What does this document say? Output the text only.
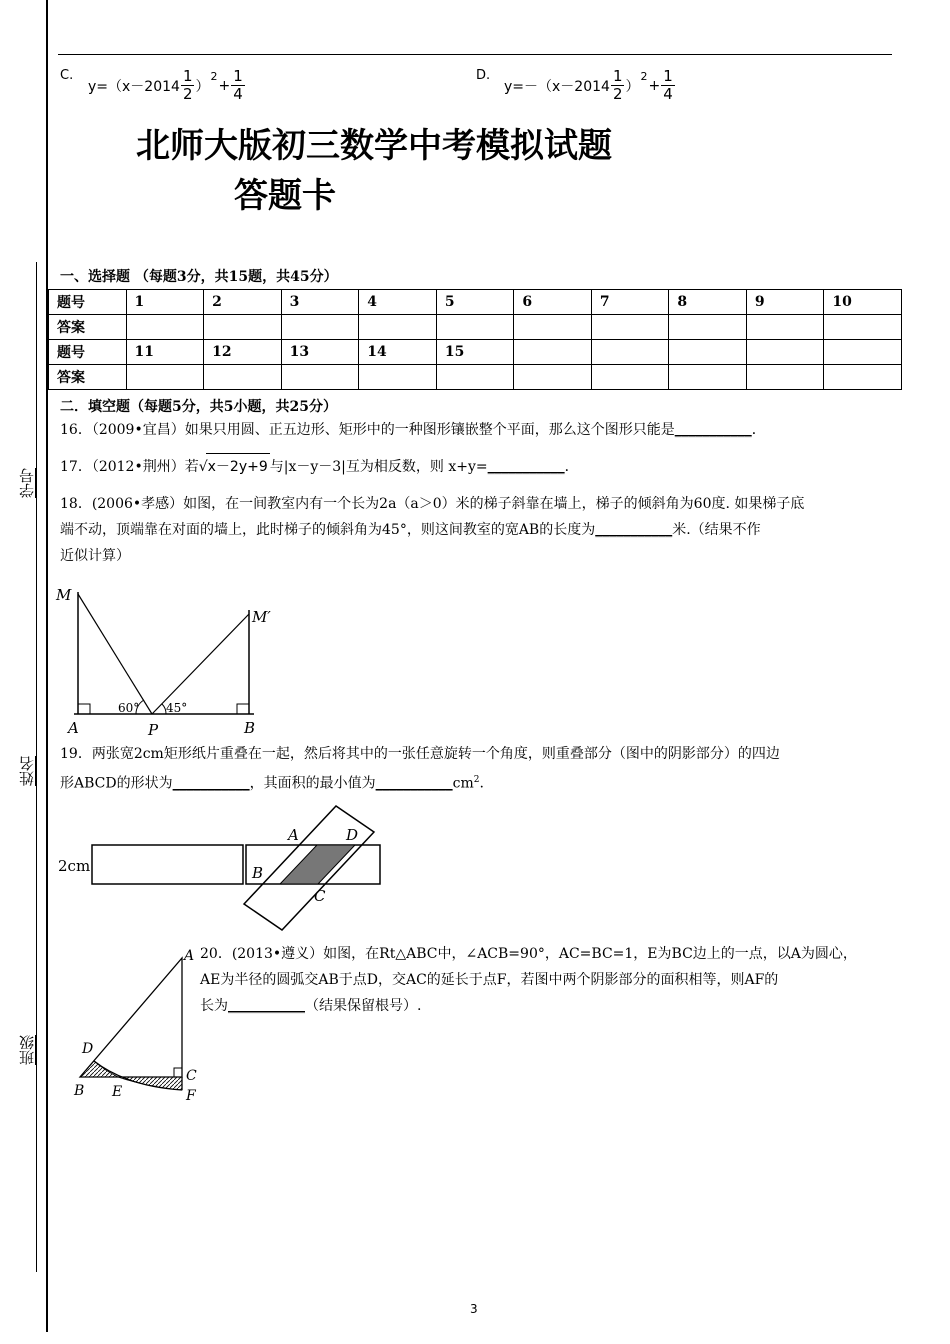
学号
姓名
班级
C.
$y=(x-2014 \frac{1}{2}$ ）
2
+ $\frac{1}{4}$	D.
$y=-(x-2014 \frac{1}{2}$ ）
2
+ $\frac{1}{4}$
北师大版初三数学中考模拟试题
答题卡
一、选择题 （每题3分，共15题，共45分）
题号	1	2	3	4	5	6	7	8	9	10
答案										
题号	11	12	13	14	15					
答案										
二．填空题（每题5分，共5小题，共25分）
16．（2009•宜昌）如果只用圆、正五边形、矩形中的一种图形镶嵌整个平面，那么这个图形只能是___________．
17．（2012•荆州）若√x－2y+9 与|x－y－3|互为相反数，则 x+y=___________．
18．(2006•孝感）如图，在一间教室内有一个长为2a（a＞0）米的梯子斜靠在墙上，梯子的倾斜角为60度. 如果梯子底
端不动，顶端靠在对面的墙上，此时梯子的倾斜角为45°，则这间教室的宽AB的长度为___________米.（结果不作
近似计算）
M
M′
A	P	B
60° 45°
19．两张宽2cm矩形纸片重叠在一起，然后将其中的一张任意旋转一个角度，则重叠部分（图中的阴影部分）的四边
形ABCD的形状为___________，其面积的最小值为$\_\_\_\_\_\_\_\_\_\_\_cm^2$.
2cm
A	D
B
C
20．(2013•遵义）如图，在Rt△ABC中，∠ACB=90°，AC=BC=1，E为BC边上的一点，以A为圆心，
AE为半径的圆弧交AB于点D，交AC的延长于点F，若图中两个阴影部分的面积相等，则AF的
长为___________（结果保留根号）.
A
B
C
D
E	F
3
